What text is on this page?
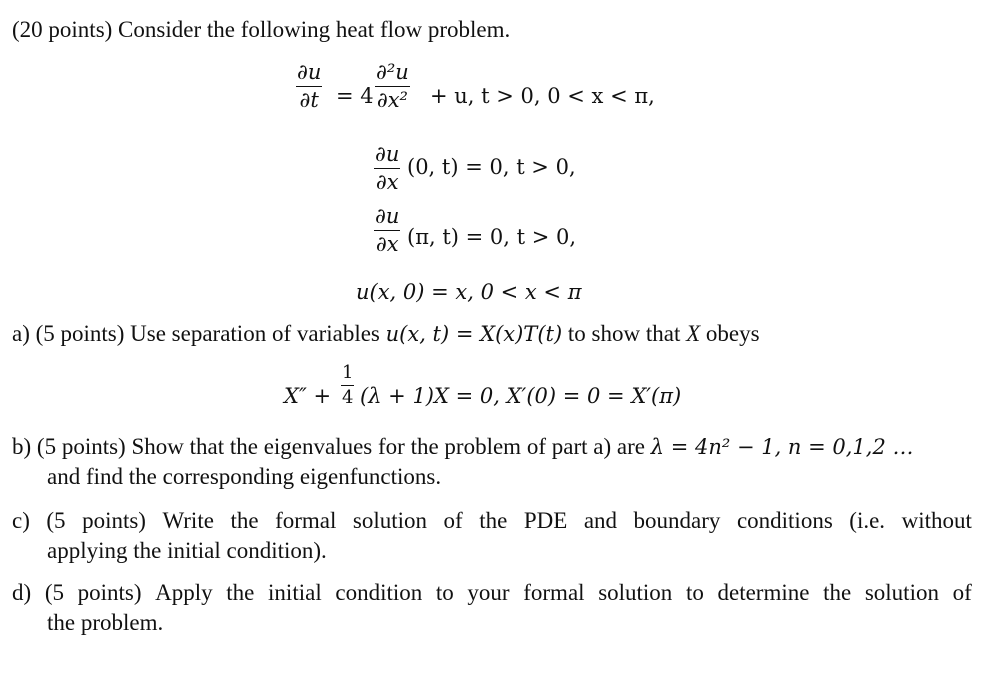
(20 points) Consider the following heat flow problem.
∂u
∂t = 4
∂²u
∂x² + u, t > 0, 0 < x < π,
∂u
∂x
(0, t) = 0, t > 0,
∂u
∂x (π, t) = 0, t > 0,
u(x, 0) = x, 0 < x < π
a) (5 points) Use separation of variables u(x, t) = X(x)T(t) to show that X obeys
X″ +
1
4 (λ + 1)X = 0, X′(0) = 0 = X′(π)
b) (5 points) Show that the eigenvalues for the problem of part a) are λ = 4n² − 1, n = 0,1,2 …
and find the corresponding eigenfunctions.
c) (5 points) Write the formal solution of the PDE and boundary conditions (i.e. without
applying the initial condition).
d) (5 points) Apply the initial condition to your formal solution to determine the solution of
the problem.
